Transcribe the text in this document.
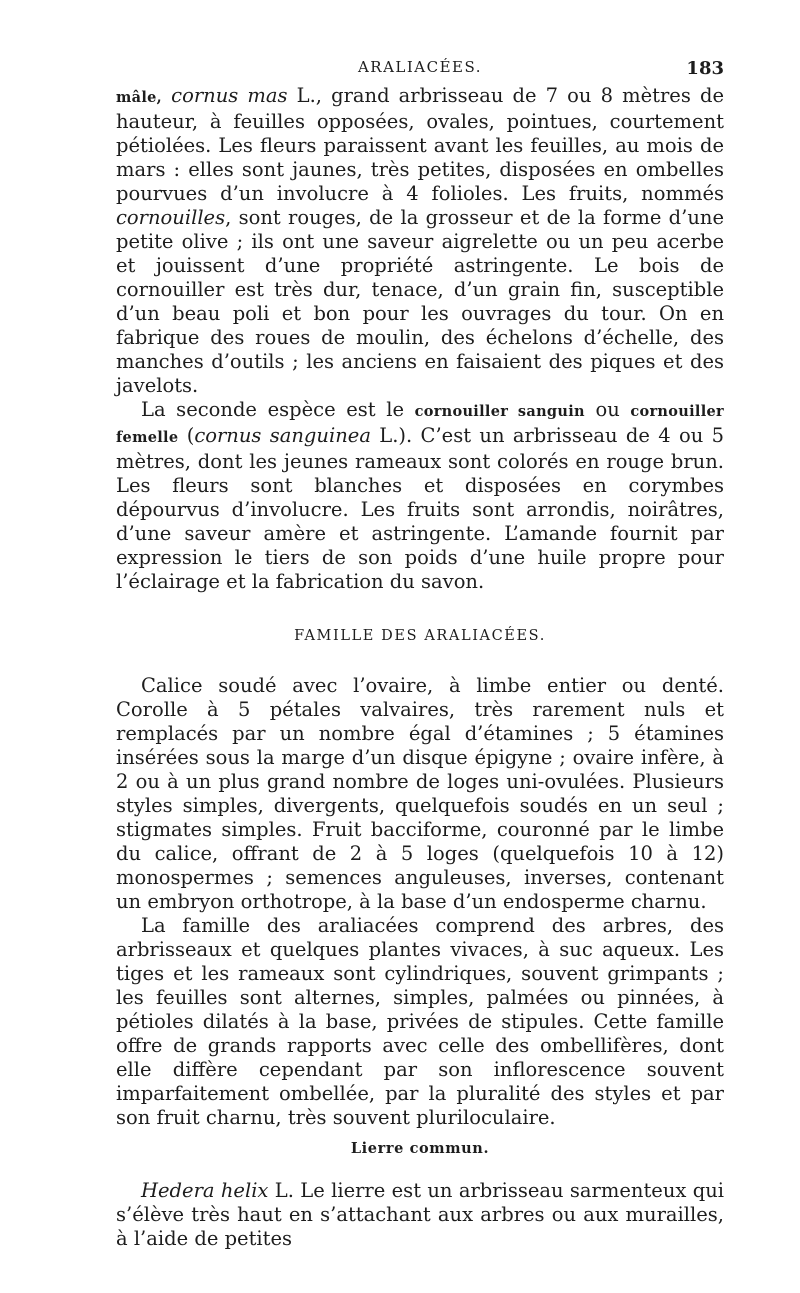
ARALIACÉES.	183

mâle, cornus mas L., grand arbrisseau de 7 ou 8 mètres de hauteur, à feuilles opposées, ovales, pointues, courtement pétiolées. Les fleurs paraissent avant les feuilles, au mois de mars : elles sont jaunes, très petites, disposées en ombelles pourvues d’un involucre à 4 folioles. Les fruits, nommés cornouilles, sont rouges, de la grosseur et de la forme d’une petite olive ; ils ont une saveur aigrelette ou un peu acerbe et jouissent d’une propriété astringente. Le bois de cornouiller est très dur, tenace, d’un grain fin, susceptible d’un beau poli et bon pour les ouvrages du tour. On en fabrique des roues de moulin, des échelons d’échelle, des manches d’outils ; les anciens en faisaient des piques et des javelots.

La seconde espèce est le cornouiller sanguin ou cornouiller femelle (cornus sanguinea L.). C’est un arbrisseau de 4 ou 5 mètres, dont les jeunes rameaux sont colorés en rouge brun. Les fleurs sont blanches et disposées en corymbes dépourvus d’involucre. Les fruits sont arrondis, noirâtres, d’une saveur amère et astringente. L’amande fournit par expression le tiers de son poids d’une huile propre pour l’éclairage et la fabrication du savon.

FAMILLE DES ARALIACÉES.

Calice soudé avec l’ovaire, à limbe entier ou denté. Corolle à 5 pétales valvaires, très rarement nuls et remplacés par un nombre égal d’étamines ; 5 étamines insérées sous la marge d’un disque épigyne ; ovaire infère, à 2 ou à un plus grand nombre de loges uni-ovulées. Plusieurs styles simples, divergents, quelquefois soudés en un seul ; stigmates simples. Fruit bacciforme, couronné par le limbe du calice, offrant de 2 à 5 loges (quelquefois 10 à 12) monospermes ; semences anguleuses, inverses, contenant un embryon orthotrope, à la base d’un endosperme charnu.

La famille des araliacées comprend des arbres, des arbrisseaux et quelques plantes vivaces, à suc aqueux. Les tiges et les rameaux sont cylindriques, souvent grimpants ; les feuilles sont alternes, simples, palmées ou pinnées, à pétioles dilatés à la base, privées de stipules. Cette famille offre de grands rapports avec celle des ombellifères, dont elle diffère cependant par son inflorescence souvent imparfaitement ombellée, par la pluralité des styles et par son fruit charnu, très souvent pluriloculaire.

Lierre commun.

Hedera helix L. Le lierre est un arbrisseau sarmenteux qui s’élève très haut en s’attachant aux arbres ou aux murailles, à l’aide de petites
